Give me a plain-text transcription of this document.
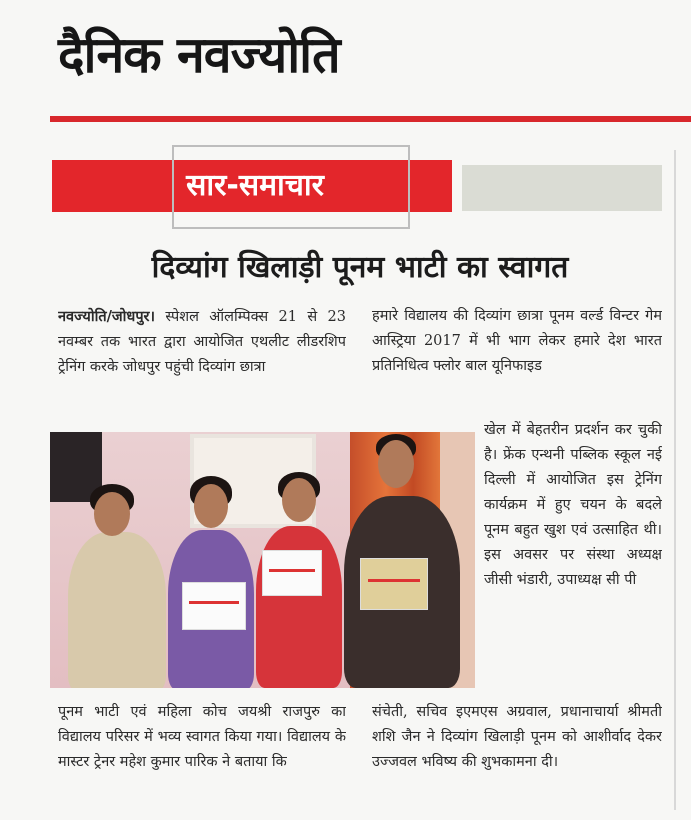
दैनिक नवज्योति
सार-समाचार
दिव्यांग खिलाड़ी पूनम भाटी का स्वागत
नवज्योति/जोधपुर। स्पेशल ऑलम्पिक्स 21 से 23 नवम्बर तक भारत द्वारा आयोजित एथलीट लीडरशिप ट्रेनिंग करके जोधपुर पहुंची दिव्यांग छात्रा
हमारे विद्यालय की दिव्यांग छात्रा पूनम वर्ल्ड विन्टर गेम आस्ट्रिया 2017 में भी भाग लेकर हमारे देश भारत प्रतिनिधित्व फ्लोर बाल यूनिफाइड
खेल में बेहतरीन प्रदर्शन कर चुकी है। फ्रेंक एन्थनी पब्लिक स्कूल नई दिल्ली में आयोजित इस ट्रेनिंग कार्यक्रम में हुए चयन के बदले पूनम बहुत खुश एवं उत्साहित थी। इस अवसर पर संस्था अध्यक्ष जीसी भंडारी, उपाध्यक्ष सी पी
पूनम भाटी एवं महिला कोच जयश्री राजपुरु का विद्यालय परिसर में भव्य स्वागत किया गया। विद्यालय के मास्टर ट्रेनर महेश कुमार पारिक ने बताया कि
संचेती, सचिव इएमएस अग्रवाल, प्रधानाचार्या श्रीमती शशि जैन ने दिव्यांग खिलाड़ी पूनम को आशीर्वाद देकर उज्जवल भविष्य की शुभकामना दी।
